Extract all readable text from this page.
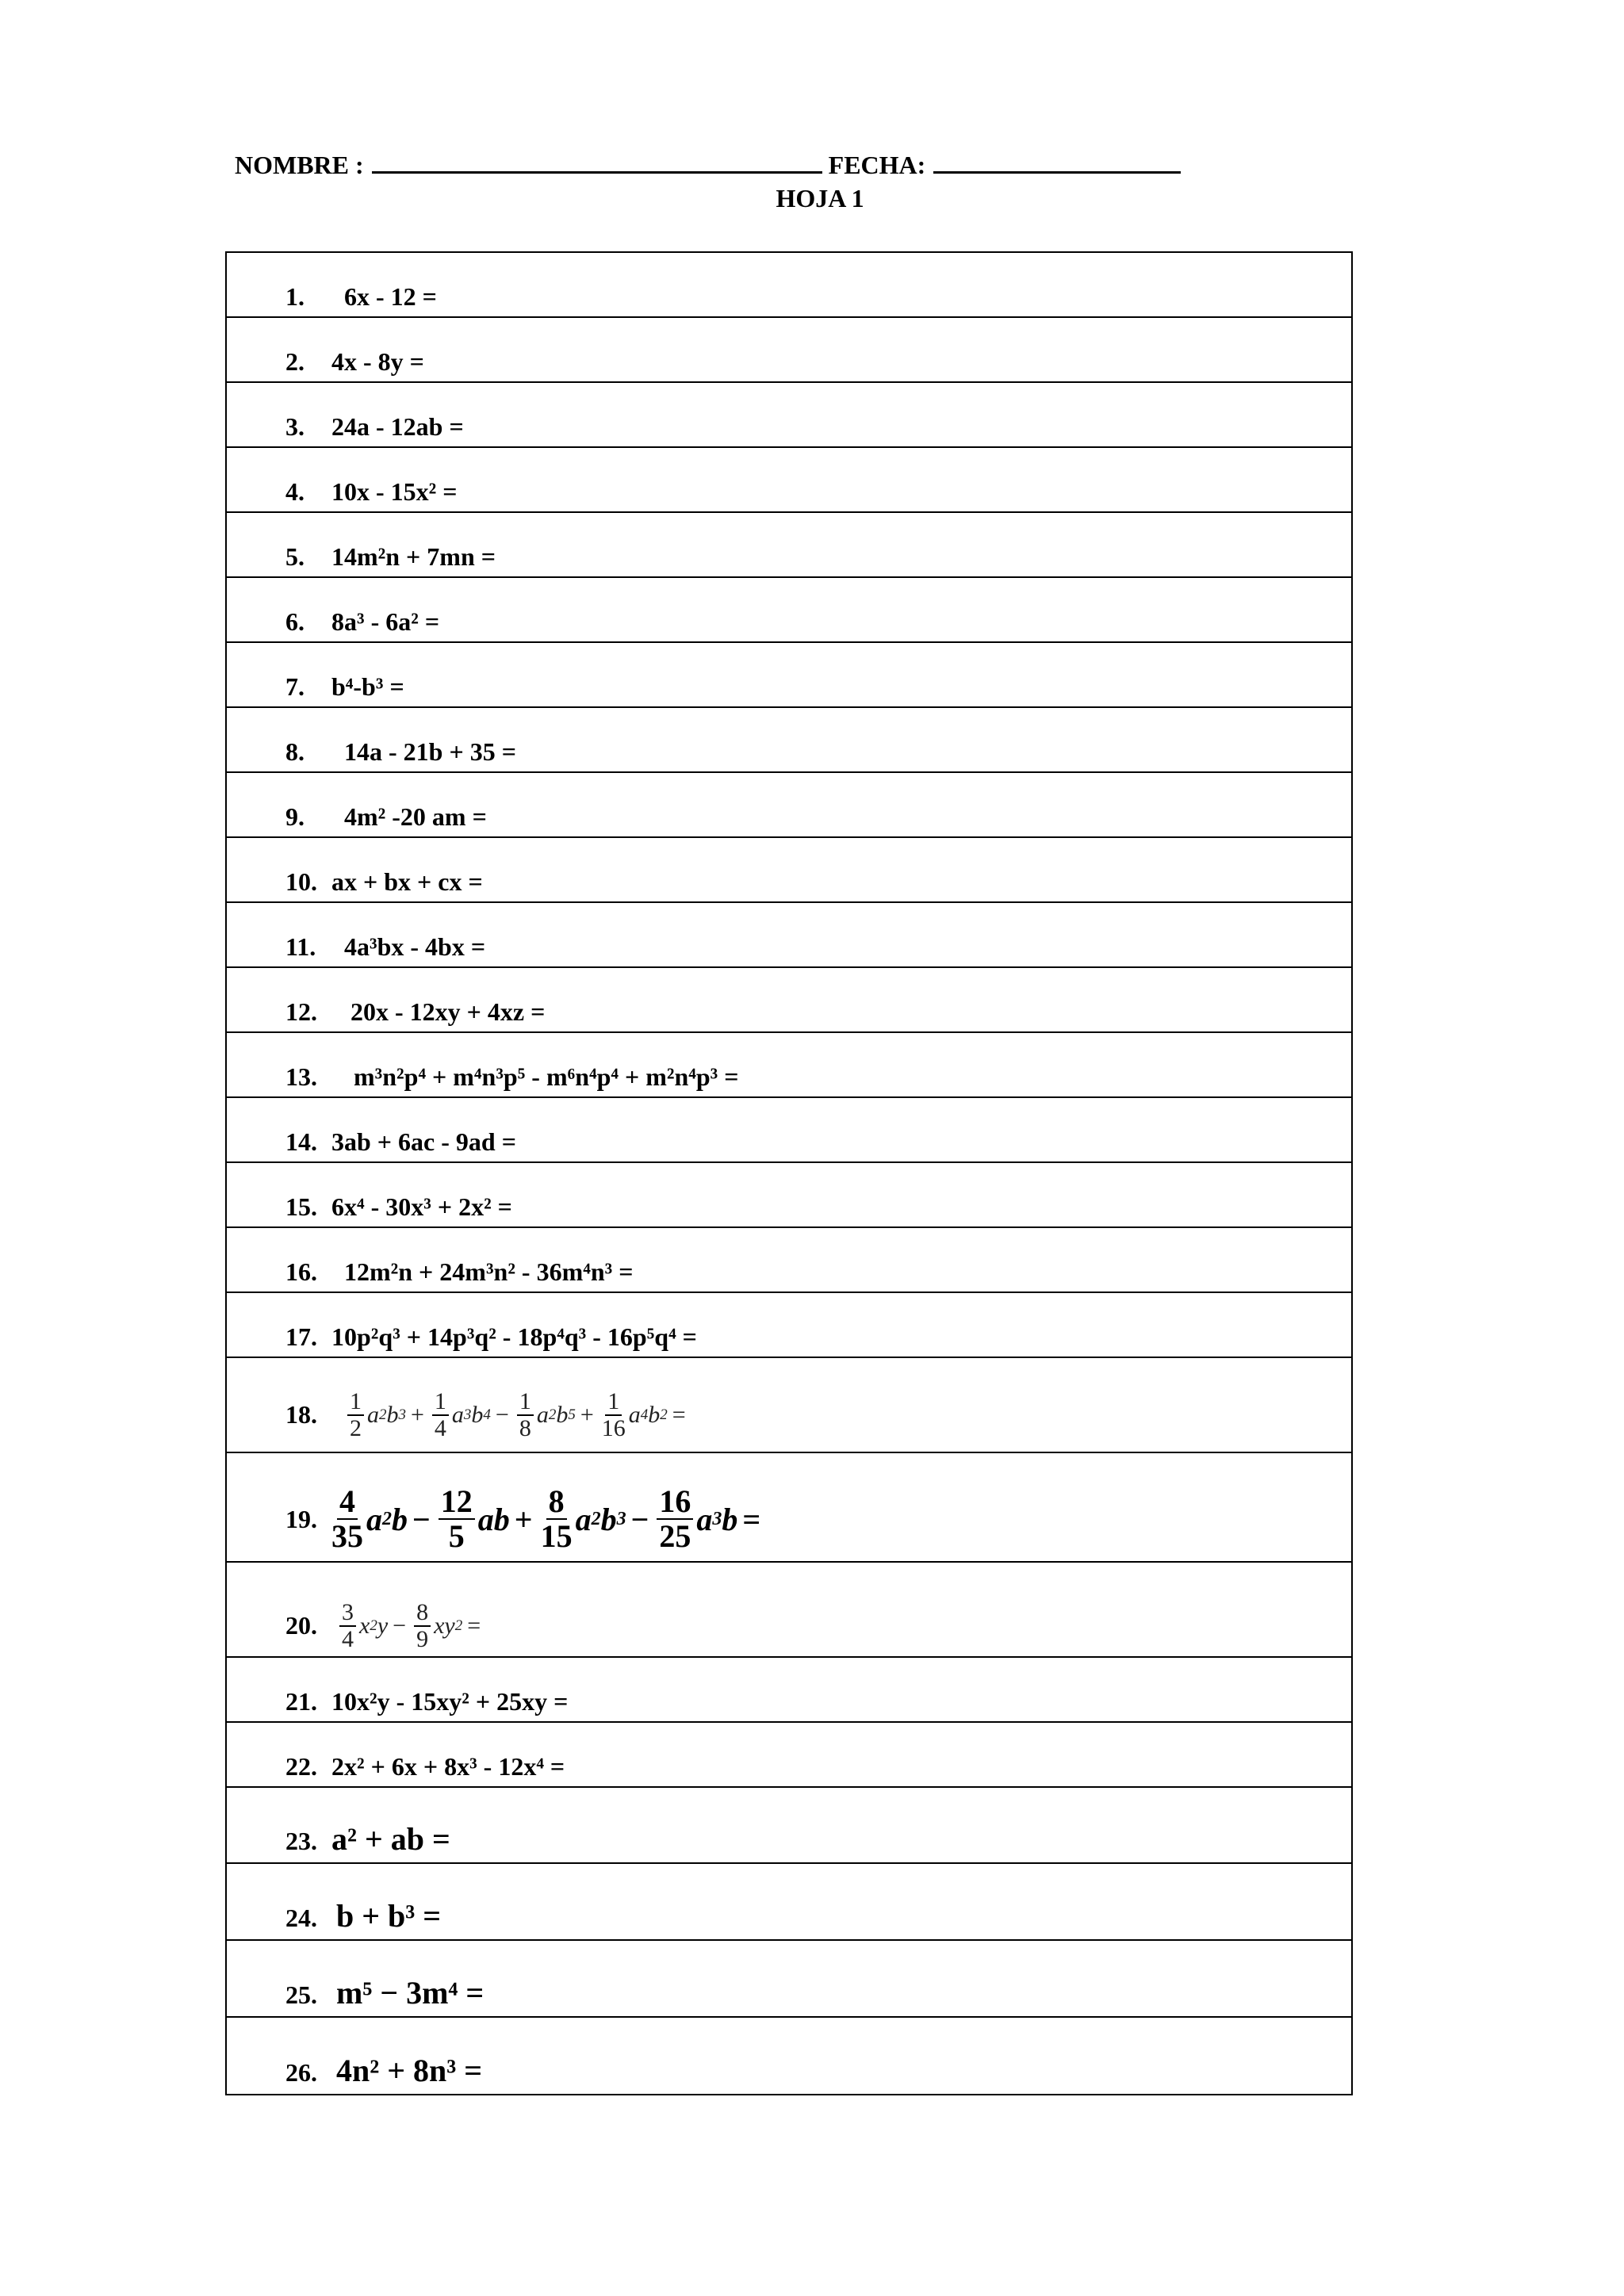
NOMBRE :	FECHA:
HOJA 1
1. 6x - 12 =
2. 4x - 8y =
3. 24a - 12ab =
4. 10x - 15x² =
5. 14m²n + 7mn =
6. 8a³ - 6a² =
7. b⁴-b³ =
8. 14a - 21b + 35 =
9. 4m² -20 am =
10. ax + bx + cx =
11. 4a³bx - 4bx =
12. 20x - 12xy + 4xz =
13. m³n²p⁴ + m⁴n³p⁵ - m⁶n⁴p⁴ + m²n⁴p³ =
14. 3ab + 6ac - 9ad =
15. 6x⁴ - 30x³ + 2x² =
16. 12m²n + 24m³n² - 36m⁴n³ =
17. 10p²q³ + 14p³q² - 18p⁴q³ - 16p⁵q⁴ =
18.	$\frac{1}{2}$ a 2 b $3 + \frac{1}{4}$ a 3 b $4 - \frac{1}{8}$ a 2 b $5 + \frac{1}{16}$ a 4 b 2 =
19. $\frac{4}{35}$ a 2 $b - \frac{12}{5}$ ab + $\frac{8}{15}$ a 2 b $3 - \frac{16}{25}$ a 3 b =
20. $\frac{3}{4}$ x 2 $y - \frac{8}{9}$ xy 2 =
21. 10x²y - 15xy² + 25xy =
22. 2x² + 6x + 8x³ - 12x⁴ =
23. a² + ab =
24. b + b³ =
25. m⁵ − 3m⁴ =
26. 4n² + 8n³ =
